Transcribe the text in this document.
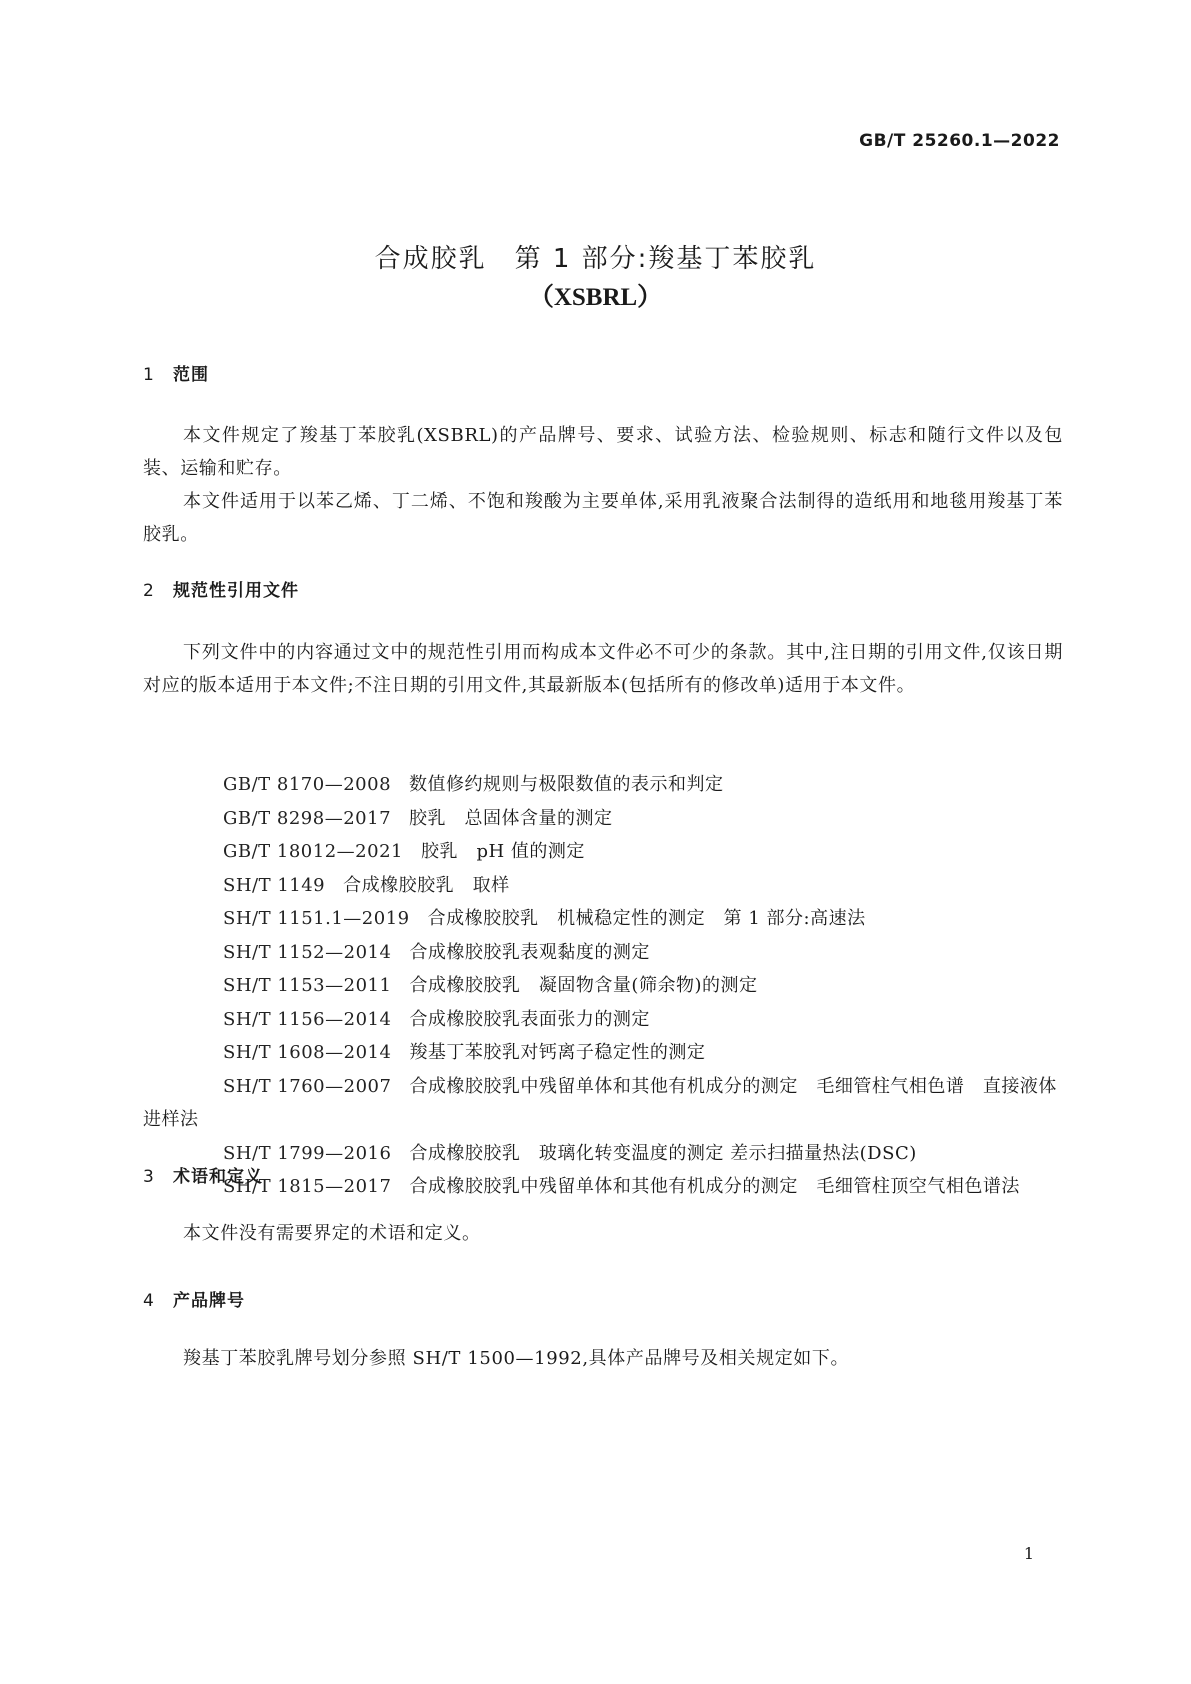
GB/T 25260.1—2022
合成胶乳　第 1 部分:羧基丁苯胶乳
（XSBRL）
1 范围
本文件规定了羧基丁苯胶乳(XSBRL)的产品牌号、要求、试验方法、检验规则、标志和随行文件以及包装、运输和贮存。
本文件适用于以苯乙烯、丁二烯、不饱和羧酸为主要单体,采用乳液聚合法制得的造纸用和地毯用羧基丁苯胶乳。
2 规范性引用文件
下列文件中的内容通过文中的规范性引用而构成本文件必不可少的条款。其中,注日期的引用文件,仅该日期对应的版本适用于本文件;不注日期的引用文件,其最新版本(包括所有的修改单)适用于本文件。
GB/T 8170—2008 数值修约规则与极限数值的表示和判定
GB/T 8298—2017 胶乳　总固体含量的测定
GB/T 18012—2021 胶乳　pH 值的测定
SH/T 1149 合成橡胶胶乳　取样
SH/T 1151.1—2019 合成橡胶胶乳　机械稳定性的测定　第 1 部分:高速法
SH/T 1152—2014 合成橡胶胶乳表观黏度的测定
SH/T 1153—2011 合成橡胶胶乳　凝固物含量(筛余物)的测定
SH/T 1156—2014 合成橡胶胶乳表面张力的测定
SH/T 1608—2014 羧基丁苯胶乳对钙离子稳定性的测定
SH/T 1760—2007 合成橡胶胶乳中残留单体和其他有机成分的测定　毛细管柱气相色谱　直接液体进样法
SH/T 1799—2016 合成橡胶胶乳　玻璃化转变温度的测定 差示扫描量热法(DSC)
SH/T 1815—2017 合成橡胶胶乳中残留单体和其他有机成分的测定　毛细管柱顶空气相色谱法
3 术语和定义
本文件没有需要界定的术语和定义。
4 产品牌号
羧基丁苯胶乳牌号划分参照 SH/T 1500—1992,具体产品牌号及相关规定如下。
1
